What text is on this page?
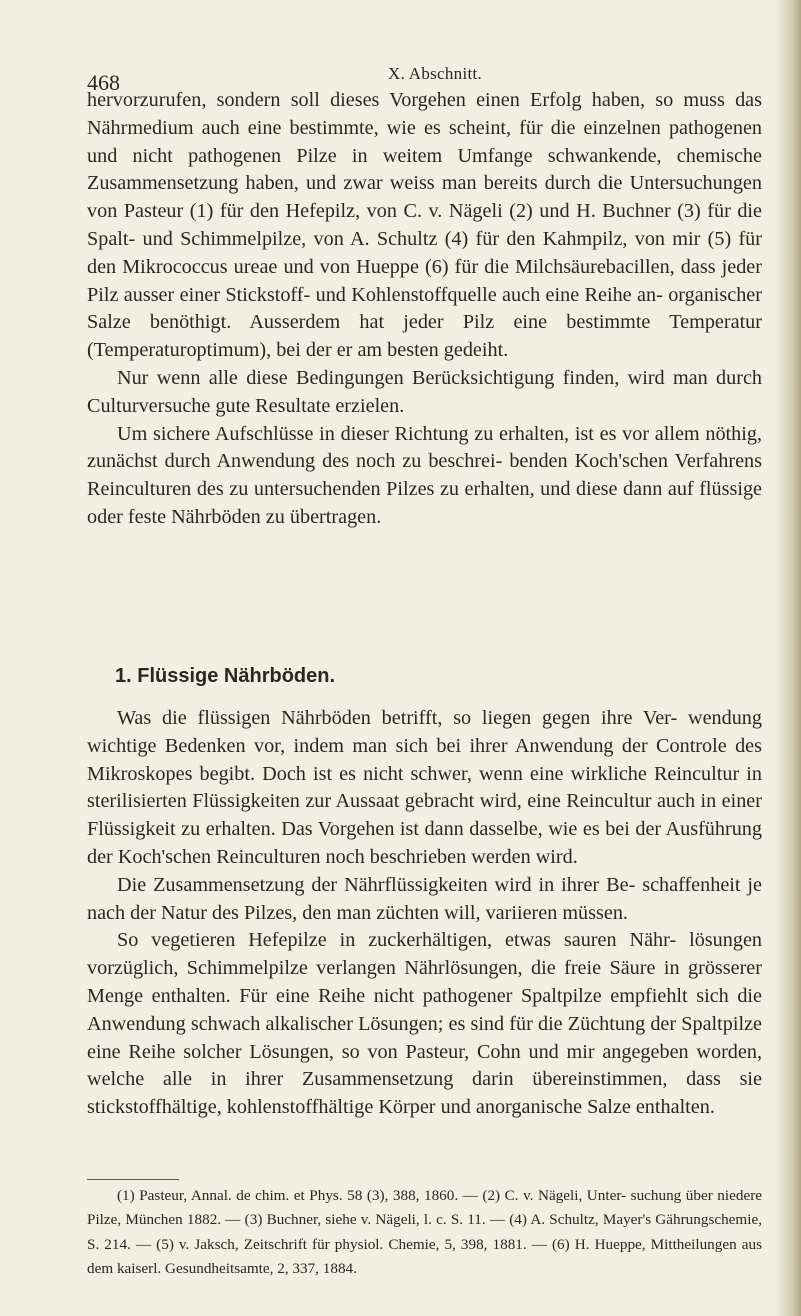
468	X. Abschnitt.

hervorzurufen, sondern soll dieses Vorgehen einen Erfolg haben, so muss das Nährmedium auch eine bestimmte, wie es scheint, für die einzelnen pathogenen und nicht pathogenen Pilze in weitem Umfange schwankende, chemische Zusammensetzung haben, und zwar weiss man bereits durch die Untersuchungen von Pasteur (1) für den Hefepilz, von C. v. Nägeli (2) und H. Buchner (3) für die Spalt- und Schimmelpilze, von A. Schultz (4) für den Kahmpilz, von mir (5) für den Mikrococcus ureae und von Hueppe (6) für die Milchsäurebacillen, dass jeder Pilz ausser einer Stickstoff- und Kohlenstoffquelle auch eine Reihe an- organischer Salze benöthigt. Ausserdem hat jeder Pilz eine bestimmte Temperatur (Temperaturoptimum), bei der er am besten gedeiht.

Nur wenn alle diese Bedingungen Berücksichtigung finden, wird man durch Culturversuche gute Resultate erzielen.

Um sichere Aufschlüsse in dieser Richtung zu erhalten, ist es vor allem nöthig, zunächst durch Anwendung des noch zu beschrei- benden Koch'schen Verfahrens Reinculturen des zu untersuchenden Pilzes zu erhalten, und diese dann auf flüssige oder feste Nährböden zu übertragen.

1. Flüssige Nährböden.

Was die flüssigen Nährböden betrifft, so liegen gegen ihre Ver- wendung wichtige Bedenken vor, indem man sich bei ihrer Anwendung der Controle des Mikroskopes begibt. Doch ist es nicht schwer, wenn eine wirkliche Reincultur in sterilisierten Flüssigkeiten zur Aussaat gebracht wird, eine Reincultur auch in einer Flüssigkeit zu erhalten. Das Vorgehen ist dann dasselbe, wie es bei der Ausführung der Koch'schen Reinculturen noch beschrieben werden wird.

Die Zusammensetzung der Nährflüssigkeiten wird in ihrer Be- schaffenheit je nach der Natur des Pilzes, den man züchten will, variieren müssen.

So vegetieren Hefepilze in zuckerhältigen, etwas sauren Nähr- lösungen vorzüglich, Schimmelpilze verlangen Nährlösungen, die freie Säure in grösserer Menge enthalten. Für eine Reihe nicht pathogener Spaltpilze empfiehlt sich die Anwendung schwach alkalischer Lösungen; es sind für die Züchtung der Spaltpilze eine Reihe solcher Lösungen, so von Pasteur, Cohn und mir angegeben worden, welche alle in ihrer Zusammensetzung darin übereinstimmen, dass sie stickstoffhältige, kohlenstoffhältige Körper und anorganische Salze enthalten.

(1) Pasteur, Annal. de chim. et Phys. 58 (3), 388, 1860. — (2) C. v. Nägeli, Unter- suchung über niedere Pilze, München 1882. — (3) Buchner, siehe v. Nägeli, l. c. S. 11. — (4) A. Schultz, Mayer's Gährungschemie, S. 214. — (5) v. Jaksch, Zeitschrift für physiol. Chemie, 5, 398, 1881. — (6) H. Hueppe, Mittheilungen aus dem kaiserl. Gesundheitsamte, 2, 337, 1884.
